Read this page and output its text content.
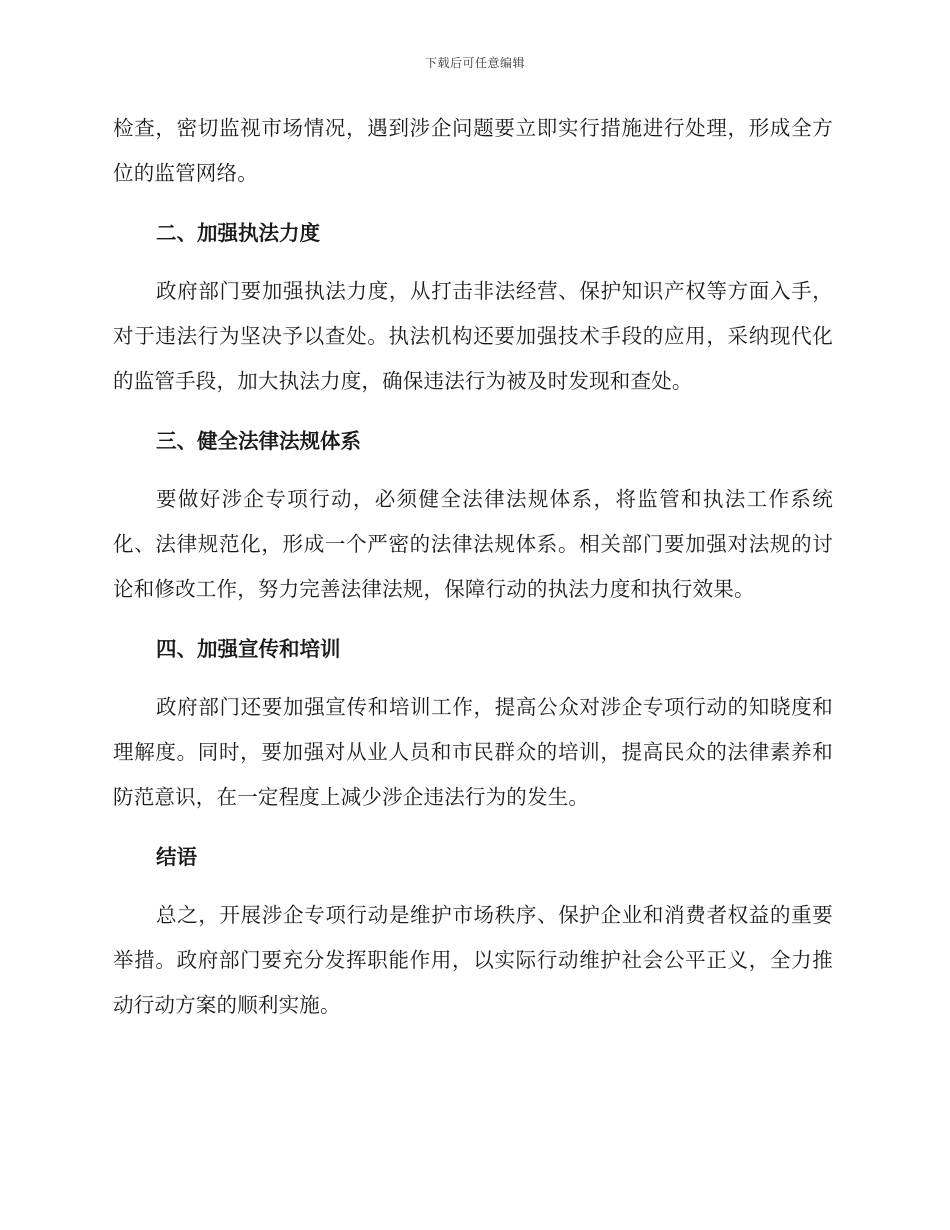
下载后可任意编辑

检查，密切监视市场情况，遇到涉企问题要立即实行措施进行处理，形成全方位的监管网络。

二、加强执法力度

政府部门要加强执法力度，从打击非法经营、保护知识产权等方面入手，对于违法行为坚决予以查处。执法机构还要加强技术手段的应用，采纳现代化的监管手段，加大执法力度，确保违法行为被及时发现和查处。

三、健全法律法规体系

要做好涉企专项行动，必须健全法律法规体系，将监管和执法工作系统化、法律规范化，形成一个严密的法律法规体系。相关部门要加强对法规的讨论和修改工作，努力完善法律法规，保障行动的执法力度和执行效果。

四、加强宣传和培训

政府部门还要加强宣传和培训工作，提高公众对涉企专项行动的知晓度和理解度。同时，要加强对从业人员和市民群众的培训，提高民众的法律素养和防范意识，在一定程度上减少涉企违法行为的发生。

结语

总之，开展涉企专项行动是维护市场秩序、保护企业和消费者权益的重要举措。政府部门要充分发挥职能作用，以实际行动维护社会公平正义，全力推动行动方案的顺利实施。
